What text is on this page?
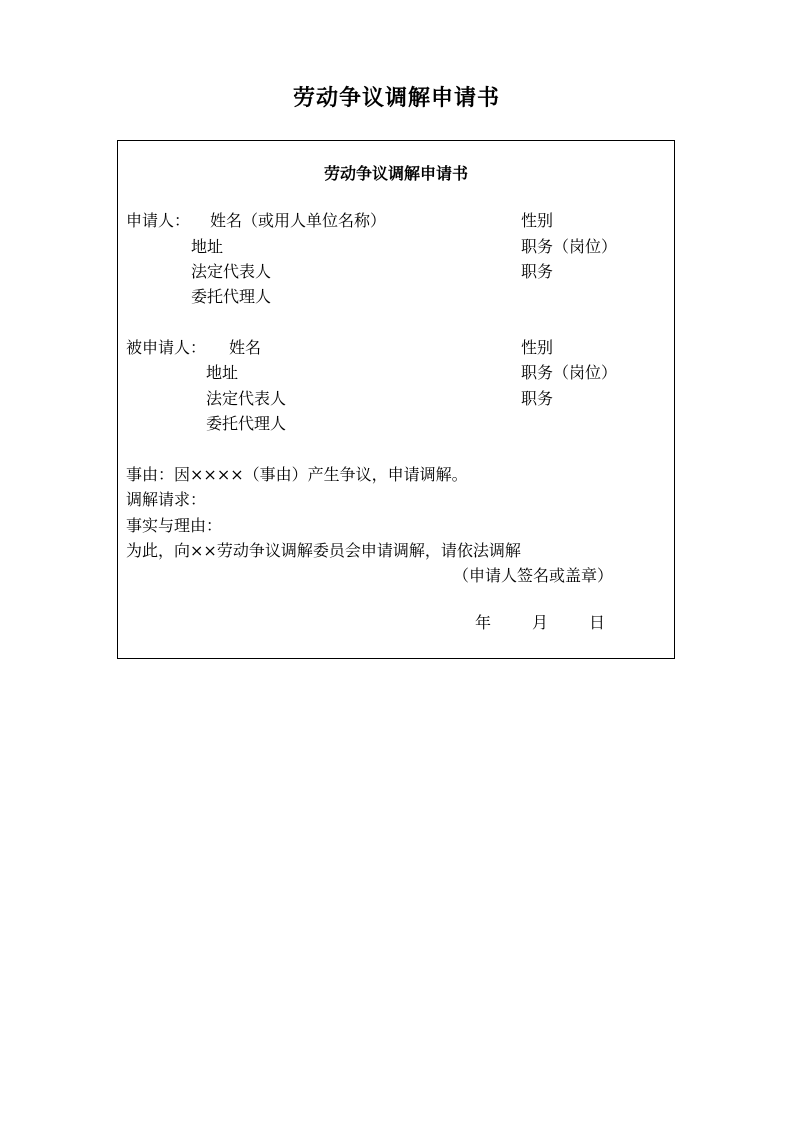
劳动争议调解申请书
劳动争议调解申请书
申请人： 姓名（或用人单位名称）	性别
地址	职务（岗位）
法定代表人	职务
委托代理人
被申请人： 姓名	性别
地址	职务（岗位）
法定代表人	职务
委托代理人
事由：因××××（事由）产生争议，申请调解。
调解请求：
事实与理由：
为此，向××劳动争议调解委员会申请调解，请依法调解
（申请人签名或盖章）
年	月	日
